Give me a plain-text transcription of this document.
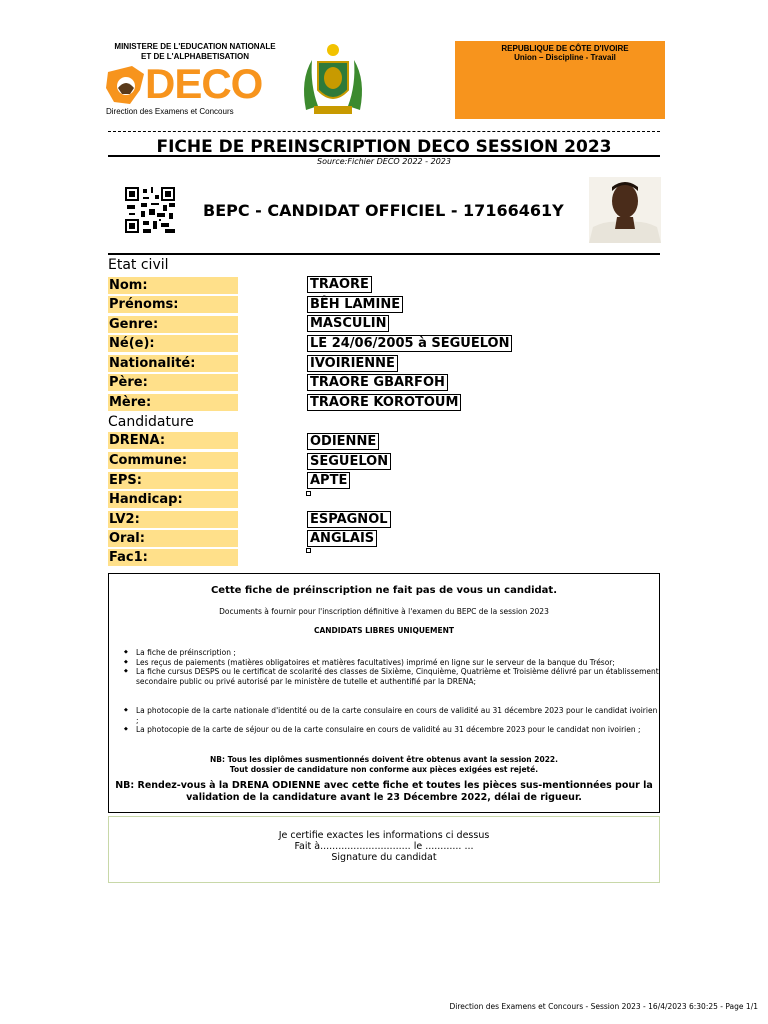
MINISTERE DE L'EDUCATION NATIONALE
ET DE L'ALPHABETISATION
DECO
Direction des Examens et Concours
REPUBLIQUE DE CÔTE D'IVOIRE
Union – Discipline - Travail
FICHE DE PREINSCRIPTION DECO SESSION 2023
Source:Fichier DECO 2022 - 2023
BEPC - CANDIDAT OFFICIEL - 17166461Y
Etat civil
Nom:	TRAORE
Prénoms:	BÊH LAMINE
Genre:	MASCULIN
Né(e):	LE 24/06/2005 à SEGUELON
Nationalité:	IVOIRIENNE
Père:	TRAORE GBARFOH
Mère:	TRAORE KOROTOUM
Candidature
DRENA:	ODIENNE
Commune:	SEGUELON
EPS:	APTE
Handicap:
LV2:	ESPAGNOL
Oral:	ANGLAIS
Fac1:
Cette fiche de préinscription ne fait pas de vous un candidat.
Documents à fournir pour l'inscription définitive à l'examen du BEPC de la session 2023
CANDIDATS LIBRES UNIQUEMENT
◆ La fiche de préinscription ;
◆ Les reçus de paiements (matières obligatoires et matières facultatives) imprimé en ligne sur le serveur de la banque du Trésor;
◆ La fiche cursus DESPS ou le certificat de scolarité des classes de Sixième, Cinquième, Quatrième et Troisième délivré par un établissement secondaire public ou privé autorisé par le ministère de tutelle et authentifié par la DRENA;
◆ La photocopie de la carte nationale d'identité ou de la carte consulaire en cours de validité au 31 décembre 2023 pour le candidat ivoirien ;
◆ La photocopie de la carte de séjour ou de la carte consulaire en cours de validité au 31 décembre 2023 pour le candidat non ivoirien ;
NB: Tous les diplômes susmentionnés doivent être obtenus avant la session 2022.
Tout dossier de candidature non conforme aux pièces exigées est rejeté.
NB: Rendez-vous à la DRENA ODIENNE avec cette fiche et toutes les pièces sus-mentionnées pour la validation de la candidature avant le 23 Décembre 2022, délai de rigueur.
Je certifie exactes les informations ci dessus
Fait à.............................. le ............ ...
Signature du candidat
Direction des Examens et Concours - Session 2023 - 16/4/2023 6:30:25 - Page 1/1
